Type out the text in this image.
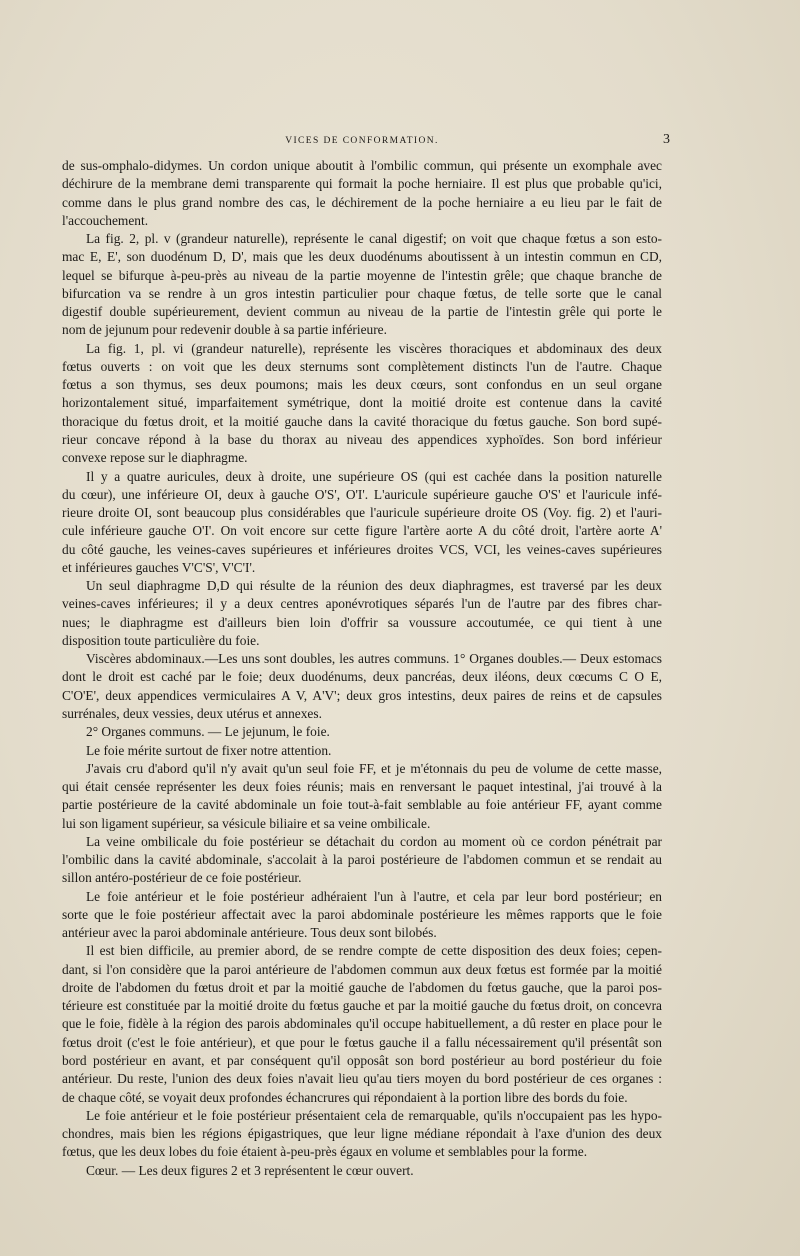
VICES DE CONFORMATION.	3
de sus-omphalo-didymes. Un cordon unique aboutit à l'ombilic commun, qui présente un exomphale avec
déchirure de la membrane demi transparente qui formait la poche herniaire. Il est plus que probable qu'ici,
comme dans le plus grand nombre des cas, le déchirement de la poche herniaire a eu lieu par le fait de
l'accouchement.
La fig. 2, pl. v (grandeur naturelle), représente le canal digestif; on voit que chaque fœtus a son esto-
mac E, E', son duodénum D, D', mais que les deux duodénums aboutissent à un intestin commun en CD,
lequel se bifurque à-peu-près au niveau de la partie moyenne de l'intestin grêle; que chaque branche de
bifurcation va se rendre à un gros intestin particulier pour chaque fœtus, de telle sorte que le canal
digestif double supérieurement, devient commun au niveau de la partie de l'intestin grêle qui porte le
nom de jejunum pour redevenir double à sa partie inférieure.
La fig. 1, pl. vi (grandeur naturelle), représente les viscères thoraciques et abdominaux des deux
fœtus ouverts : on voit que les deux sternums sont complètement distincts l'un de l'autre. Chaque
fœtus a son thymus, ses deux poumons; mais les deux cœurs, sont confondus en un seul organe
horizontalement situé, imparfaitement symétrique, dont la moitié droite est contenue dans la cavité
thoracique du fœtus droit, et la moitié gauche dans la cavité thoracique du fœtus gauche. Son bord supé-
rieur concave répond à la base du thorax au niveau des appendices xyphoïdes. Son bord inférieur
convexe repose sur le diaphragme.
Il y a quatre auricules, deux à droite, une supérieure OS (qui est cachée dans la position naturelle
du cœur), une inférieure OI, deux à gauche O'S', O'I'. L'auricule supérieure gauche O'S' et l'auricule infé-
rieure droite OI, sont beaucoup plus considérables que l'auricule supérieure droite OS (Voy. fig. 2) et l'auri-
cule inférieure gauche O'I'. On voit encore sur cette figure l'artère aorte A du côté droit, l'artère aorte A'
du côté gauche, les veines-caves supérieures et inférieures droites VCS, VCI, les veines-caves supérieures
et inférieures gauches V'C'S', V'C'I'.
Un seul diaphragme D,D qui résulte de la réunion des deux diaphragmes, est traversé par les deux
veines-caves inférieures; il y a deux centres aponévrotiques séparés l'un de l'autre par des fibres char-
nues; le diaphragme est d'ailleurs bien loin d'offrir sa voussure accoutumée, ce qui tient à une
disposition toute particulière du foie.
Viscères abdominaux.—Les uns sont doubles, les autres communs. 1° Organes doubles.— Deux estomacs
dont le droit est caché par le foie; deux duodénums, deux pancréas, deux iléons, deux cœcums C O E,
C'O'E', deux appendices vermiculaires A V, A'V'; deux gros intestins, deux paires de reins et de capsules
surrénales, deux vessies, deux utérus et annexes.
2° Organes communs. — Le jejunum, le foie.
Le foie mérite surtout de fixer notre attention.
J'avais cru d'abord qu'il n'y avait qu'un seul foie FF, et je m'étonnais du peu de volume de cette masse,
qui était censée représenter les deux foies réunis; mais en renversant le paquet intestinal, j'ai trouvé à la
partie postérieure de la cavité abdominale un foie tout-à-fait semblable au foie antérieur FF, ayant comme
lui son ligament supérieur, sa vésicule biliaire et sa veine ombilicale.
La veine ombilicale du foie postérieur se détachait du cordon au moment où ce cordon pénétrait par
l'ombilic dans la cavité abdominale, s'accolait à la paroi postérieure de l'abdomen commun et se rendait au
sillon antéro-postérieur de ce foie postérieur.
Le foie antérieur et le foie postérieur adhéraient l'un à l'autre, et cela par leur bord postérieur; en
sorte que le foie postérieur affectait avec la paroi abdominale postérieure les mêmes rapports que le foie
antérieur avec la paroi abdominale antérieure. Tous deux sont bilobés.
Il est bien difficile, au premier abord, de se rendre compte de cette disposition des deux foies; cepen-
dant, si l'on considère que la paroi antérieure de l'abdomen commun aux deux fœtus est formée par la moitié
droite de l'abdomen du fœtus droit et par la moitié gauche de l'abdomen du fœtus gauche, que la paroi pos-
térieure est constituée par la moitié droite du fœtus gauche et par la moitié gauche du fœtus droit, on concevra
que le foie, fidèle à la région des parois abdominales qu'il occupe habituellement, a dû rester en place pour le
fœtus droit (c'est le foie antérieur), et que pour le fœtus gauche il a fallu nécessairement qu'il présentât son
bord postérieur en avant, et par conséquent qu'il opposât son bord postérieur au bord postérieur du foie
antérieur. Du reste, l'union des deux foies n'avait lieu qu'au tiers moyen du bord postérieur de ces organes :
de chaque côté, se voyait deux profondes échancrures qui répondaient à la portion libre des bords du foie.
Le foie antérieur et le foie postérieur présentaient cela de remarquable, qu'ils n'occupaient pas les hypo-
chondres, mais bien les régions épigastriques, que leur ligne médiane répondait à l'axe d'union des deux
fœtus, que les deux lobes du foie étaient à-peu-près égaux en volume et semblables pour la forme.
Cœur. — Les deux figures 2 et 3 représentent le cœur ouvert.
